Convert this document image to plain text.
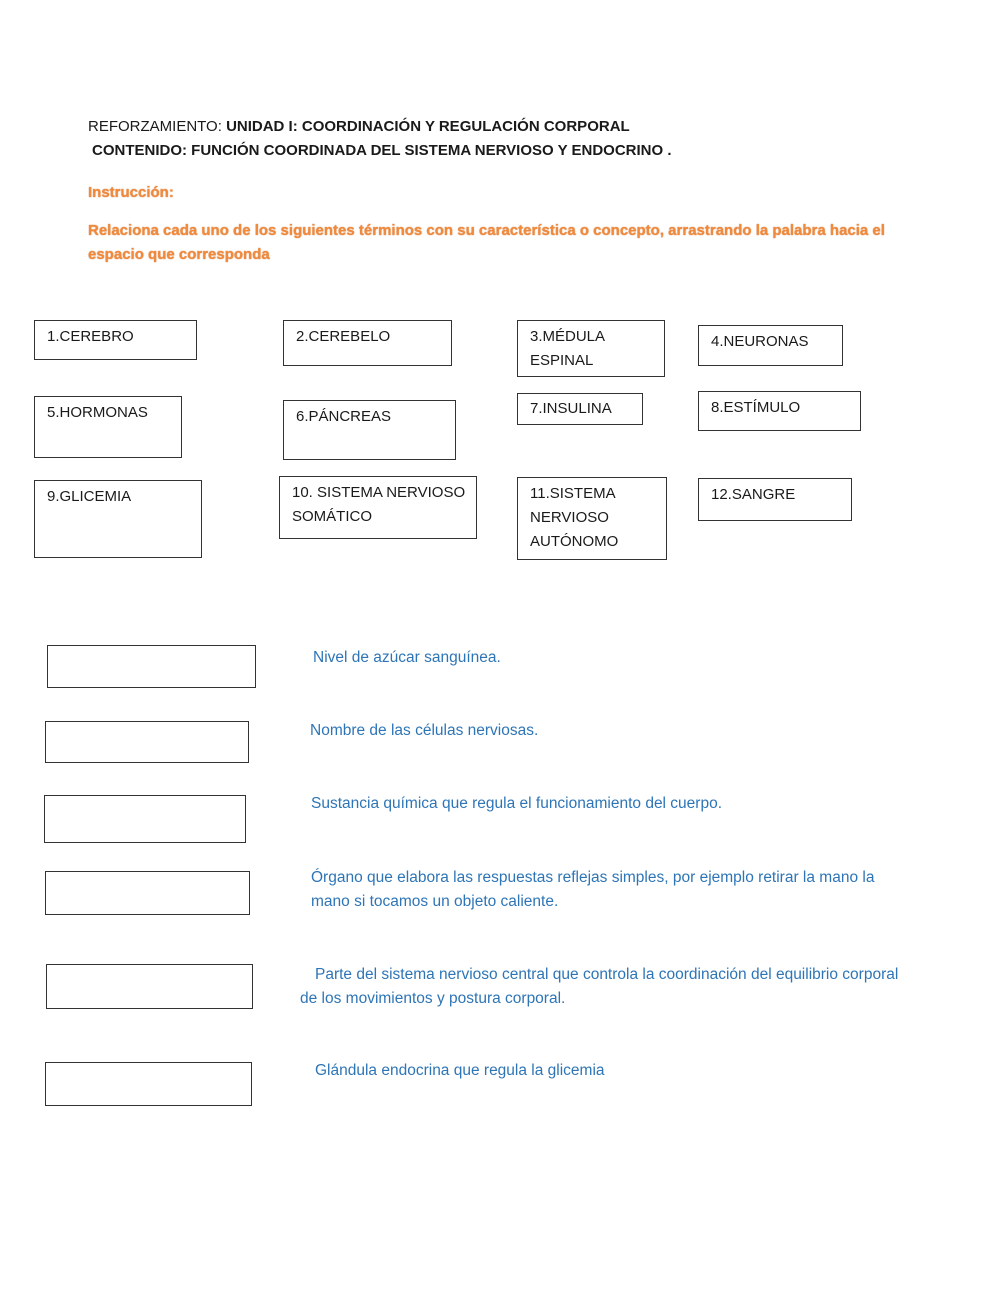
REFORZAMIENTO: UNIDAD I: COORDINACIÓN Y REGULACIÓN CORPORAL
CONTENIDO: FUNCIÓN COORDINADA DEL SISTEMA NERVIOSO Y ENDOCRINO .
Instrucción:
Relaciona cada uno de los siguientes términos con su característica o concepto, arrastrando la palabra hacia el espacio que corresponda
1.CEREBRO	2.CEREBELO	3.MÉDULA ESPINAL
4.NEURONAS
5.HORMONAS	6.PÁNCREAS	7.INSULINA	8.ESTÍMULO
9.GLICEMIA	10. SISTEMA NERVIOSO SOMÁTICO
11.SISTEMA NERVIOSO AUTÓNOMO
12.SANGRE
Nivel de azúcar sanguínea.
Nombre de las células nerviosas.
Sustancia química que regula el funcionamiento del cuerpo.
Órgano que elabora las respuestas reflejas simples, por ejemplo retirar la mano la mano si tocamos un objeto caliente.
Parte del sistema nervioso central que controla la coordinación del equilibrio corporal de los movimientos y postura corporal.
Glándula endocrina que regula la glicemia
